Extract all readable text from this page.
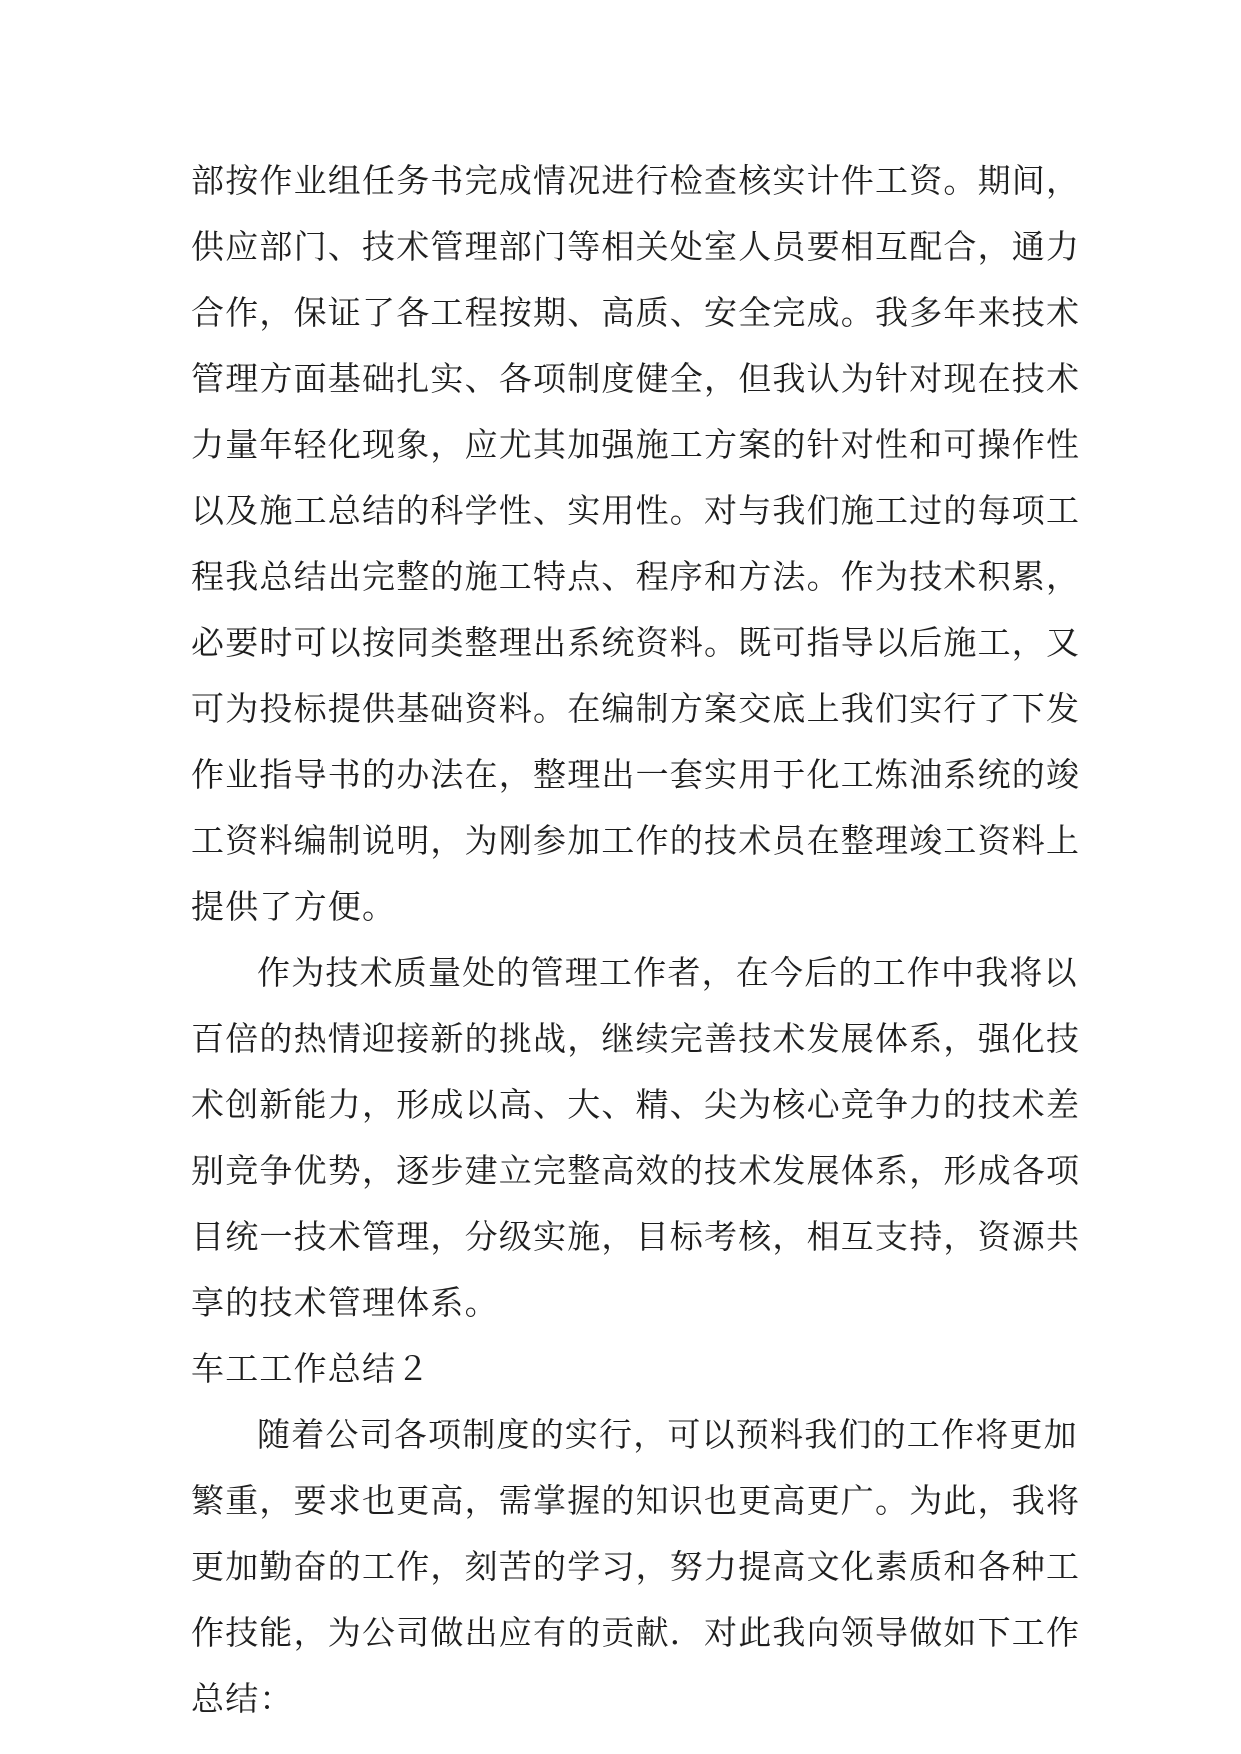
部按作业组任务书完成情况进行检查核实计件工资。期间，
供应部门、技术管理部门等相关处室人员要相互配合，通力
合作，保证了各工程按期、高质、安全完成。我多年来技术
管理方面基础扎实、各项制度健全，但我认为针对现在技术
力量年轻化现象，应尤其加强施工方案的针对性和可操作性
以及施工总结的科学性、实用性。对与我们施工过的每项工
程我总结出完整的施工特点、程序和方法。作为技术积累，
必要时可以按同类整理出系统资料。既可指导以后施工，又
可为投标提供基础资料。在编制方案交底上我们实行了下发
作业指导书的办法在，整理出一套实用于化工炼油系统的竣
工资料编制说明，为刚参加工作的技术员在整理竣工资料上
提供了方便。
作为技术质量处的管理工作者，在今后的工作中我将以
百倍的热情迎接新的挑战，继续完善技术发展体系，强化技
术创新能力，形成以高、大、精、尖为核心竞争力的技术差
别竞争优势，逐步建立完整高效的技术发展体系，形成各项
目统一技术管理，分级实施，目标考核，相互支持，资源共
享的技术管理体系。
车工工作总结２
随着公司各项制度的实行，可以预料我们的工作将更加
繁重，要求也更高，需掌握的知识也更高更广。为此，我将
更加勤奋的工作，刻苦的学习，努力提高文化素质和各种工
作技能，为公司做出应有的贡献．对此我向领导做如下工作
总结：
